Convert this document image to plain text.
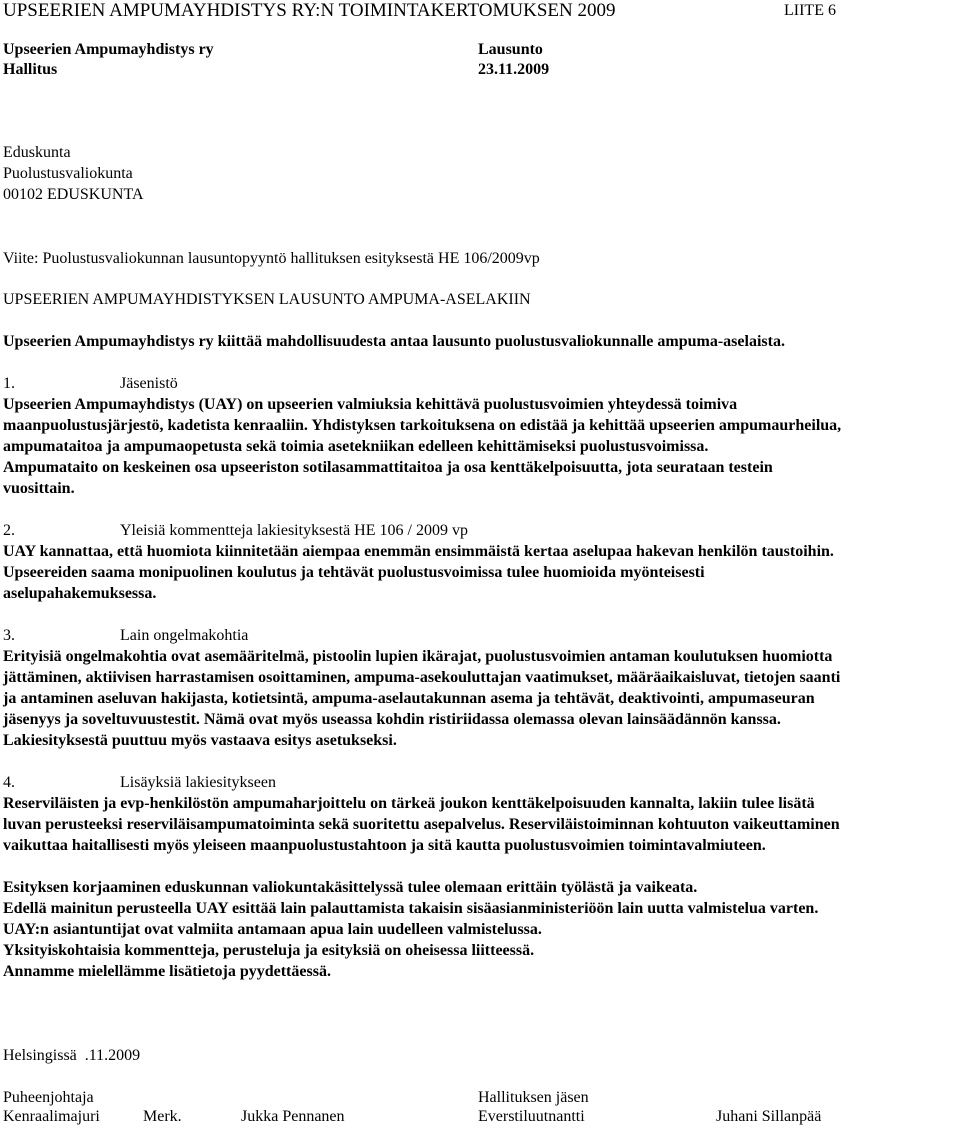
UPSEERIEN AMPUMAYHDISTYS RY:N TOIMINTAKERTOMUKSEN 2009	LIITE 6
Upseerien Ampumayhdistys ry	Lausunto
Hallitus	23.11.2009
Eduskunta
Puolustusvaliokunta
00102 EDUSKUNTA
Viite: Puolustusvaliokunnan lausuntopyyntö hallituksen esityksestä HE 106/2009vp
UPSEERIEN AMPUMAYHDISTYKSEN LAUSUNTO AMPUMA-ASELAKIIN
Upseerien Ampumayhdistys ry kiittää mahdollisuudesta antaa lausunto puolustusvaliokunnalle ampuma-aselaista.
1.	Jäsenistö
Upseerien Ampumayhdistys (UAY) on upseerien valmiuksia kehittävä puolustusvoimien yhteydessä toimiva
maanpuolustusjärjestö, kadetista kenraaliin. Yhdistyksen tarkoituksena on edistää ja kehittää upseerien ampumaurheilua,
ampumataitoa ja ampumaopetusta sekä toimia asetekniikan edelleen kehittämiseksi puolustusvoimissa.
Ampumataito on keskeinen osa upseeriston sotilasammattitaitoa ja osa kenttäkelpoisuutta, jota seurataan testein
vuosittain.
2.	Yleisiä kommentteja lakiesityksestä HE 106 / 2009 vp
UAY kannattaa, että huomiota kiinnitetään aiempaa enemmän ensimmäistä kertaa aselupaa hakevan henkilön taustoihin.
Upseereiden saama monipuolinen koulutus ja tehtävät puolustusvoimissa tulee huomioida myönteisesti
aselupahakemuksessa.
3.	Lain ongelmakohtia
Erityisiä ongelmakohtia ovat asemääritelmä, pistoolin lupien ikärajat, puolustusvoimien antaman koulutuksen huomiotta
jättäminen, aktiivisen harrastamisen osoittaminen, ampuma-asekouluttajan vaatimukset, määräaikaisluvat, tietojen saanti
ja antaminen aseluvan hakijasta, kotietsintä, ampuma-aselautakunnan asema ja tehtävät, deaktivointi, ampumaseuran
jäsenyys ja soveltuvuustestit. Nämä ovat myös useassa kohdin ristiriidassa olemassa olevan lainsäädännön kanssa.
Lakiesityksestä puuttuu myös vastaava esitys asetukseksi.
4.	Lisäyksiä lakiesitykseen
Reserviläisten ja evp-henkilöstön ampumaharjoittelu on tärkeä joukon kenttäkelpoisuuden kannalta, lakiin tulee lisätä
luvan perusteeksi reserviläisampumatoiminta sekä suoritettu asepalvelus. Reserviläistoiminnan kohtuuton vaikeuttaminen
vaikuttaa haitallisesti myös yleiseen maanpuolustustahtoon ja sitä kautta puolustusvoimien toimintavalmiuteen.
Esityksen korjaaminen eduskunnan valiokuntakäsittelyssä tulee olemaan erittäin työlästä ja vaikeata.
Edellä mainitun perusteella UAY esittää lain palauttamista takaisin sisäasianministeriöön lain uutta valmistelua varten.
UAY:n asiantuntijat ovat valmiita antamaan apua lain uudelleen valmistelussa.
Yksityiskohtaisia kommentteja, perusteluja ja esityksiä on oheisessa liitteessä.
Annamme mielellämme lisätietoja pyydettäessä.
Helsingissä  .11.2009
Puheenjohtaja	Hallituksen jäsen
Kenraalimajuri	Merk.	Jukka Pennanen	Everstiluutnantti	Juhani Sillanpää
